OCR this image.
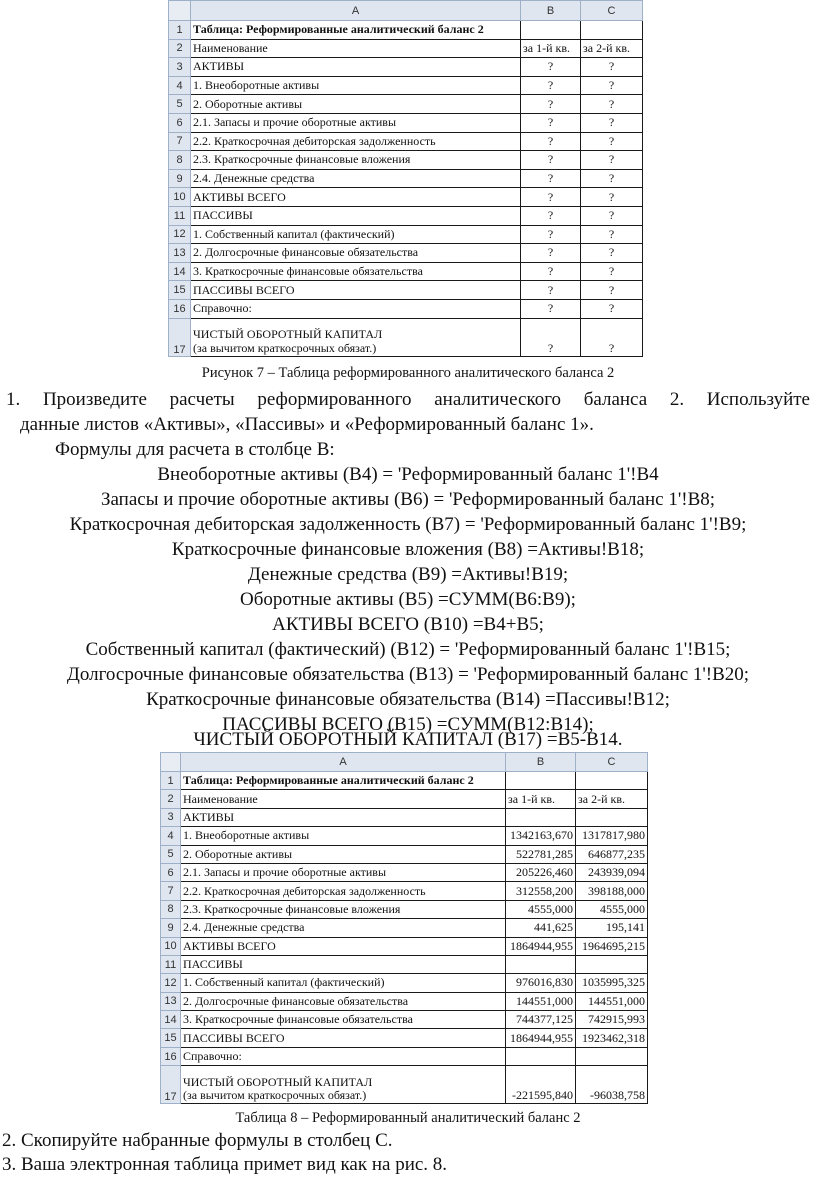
	A	B	C
1	Таблица: Реформированные аналитический баланс 2		
2	Наименование	за 1-й кв.	за 2-й кв.
3	АКТИВЫ	?	?
4	1. Внеоборотные активы	?	?
5	2. Оборотные активы	?	?
6	2.1. Запасы и прочие оборотные активы	?	?
7	2.2. Краткосрочная дебиторская задолженность	?	?
8	2.3. Краткосрочные финансовые вложения	?	?
9	2.4. Денежные средства	?	?
10	АКТИВЫ ВСЕГО	?	?
11	ПАССИВЫ	?	?
12	1. Собственный капитал (фактический)	?	?
13	2. Долгосрочные финансовые обязательства	?	?
14	3. Краткосрочные финансовые обязательства	?	?
15	ПАССИВЫ ВСЕГО	?	?
16	Справочно:	?	?
17	ЧИСТЫЙ ОБОРОТНЫЙ КАПИТАЛ
(за вычитом краткосрочных обязат.)	?	?
Рисунок 7 – Таблица реформированного аналитического баланса 2
1. Произведите расчеты реформированного аналитического баланса 2. Используйте
данные листов «Активы», «Пассивы» и «Реформированный баланс 1».
Формулы для расчета в столбце В:
Внеоборотные активы (В4) = 'Реформированный баланс 1'!B4
Запасы и прочие оборотные активы (В6) = 'Реформированный баланс 1'!B8;
Краткосрочная дебиторская задолженность (В7) = 'Реформированный баланс 1'!B9;
Краткосрочные финансовые вложения (В8) =Активы!B18;
Денежные средства (В9) =Активы!B19;
Оборотные активы (В5) =СУММ(B6:B9);
АКТИВЫ ВСЕГО (В10) =B4+B5;
Собственный капитал (фактический) (В12) = 'Реформированный баланс 1'!B15;
Долгосрочные финансовые обязательства (В13) = 'Реформированный баланс 1'!B20;
Краткосрочные финансовые обязательства (В14) =Пассивы!B12;
ПАССИВЫ ВСЕГО (В15) =СУММ(B12:B14);
ЧИСТЫЙ ОБОРОТНЫЙ КАПИТАЛ (В17) =B5-B14.
	A	B	C
1	Таблица: Реформированные аналитический баланс 2		
2	Наименование	за 1-й кв.	за 2-й кв.
3	АКТИВЫ		
4	1. Внеоборотные активы	1342163,670	1317817,980
5	2. Оборотные активы	522781,285	646877,235
6	2.1. Запасы и прочие оборотные активы	205226,460	243939,094
7	2.2. Краткосрочная дебиторская задолженность	312558,200	398188,000
8	2.3. Краткосрочные финансовые вложения	4555,000	4555,000
9	2.4. Денежные средства	441,625	195,141
10	АКТИВЫ ВСЕГО	1864944,955	1964695,215
11	ПАССИВЫ		
12	1. Собственный капитал (фактический)	976016,830	1035995,325
13	2. Долгосрочные финансовые обязательства	144551,000	144551,000
14	3. Краткосрочные финансовые обязательства	744377,125	742915,993
15	ПАССИВЫ ВСЕГО	1864944,955	1923462,318
16	Справочно:		
17	ЧИСТЫЙ ОБОРОТНЫЙ КАПИТАЛ
(за вычитом краткосрочных обязат.)	-221595,840	-96038,758
Таблица 8 – Реформированный аналитический баланс 2
2. Скопируйте набранные формулы в столбец С.
3. Ваша электронная таблица примет вид как на рис. 8.
